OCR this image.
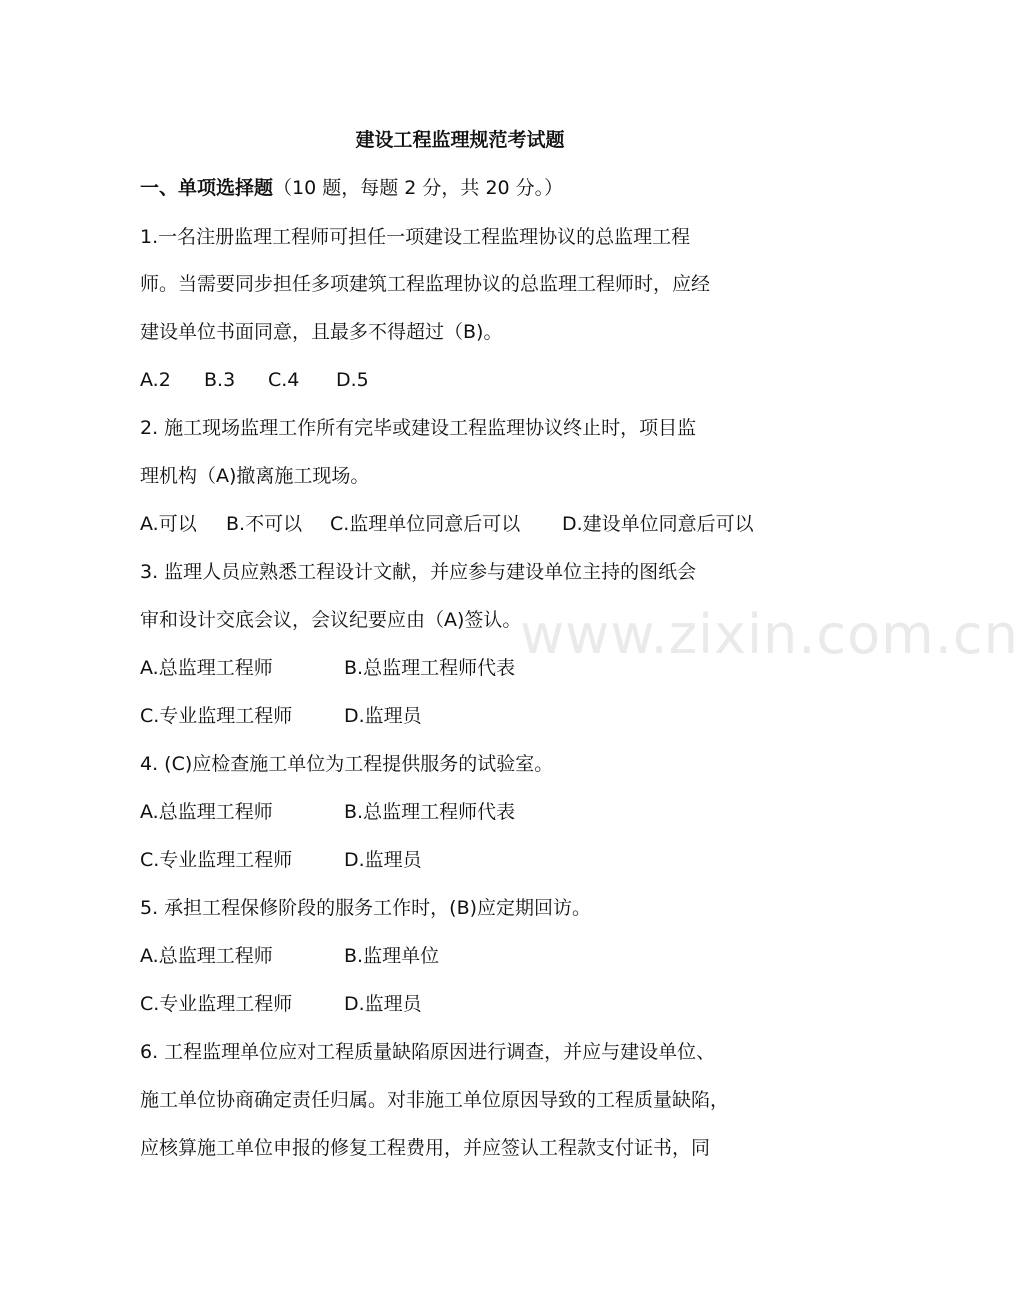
建设工程监理规范考试题
一、单项选择题（10 题，每题 2 分，共 20 分。）
1.一名注册监理工程师可担任一项建设工程监理协议的总监理工程
师。当需要同步担任多项建筑工程监理协议的总监理工程师时，应经
建设单位书面同意，且最多不得超过（B)。
A.2 B.3 C.4 D.5
2. 施工现场监理工作所有完毕或建设工程监理协议终止时，项目监
理机构（A)撤离施工现场。
A.可以 B.不可以 C.监理单位同意后可以 D.建设单位同意后可以
3. 监理人员应熟悉工程设计文献，并应参与建设单位主持的图纸会
审和设计交底会议，会议纪要应由（A)签认。
A.总监理工程师	B.总监理工程师代表
C.专业监理工程师	D.监理员
4. (C)应检查施工单位为工程提供服务的试验室。
A.总监理工程师	B.总监理工程师代表
C.专业监理工程师	D.监理员
5. 承担工程保修阶段的服务工作时，(B)应定期回访。
A.总监理工程师	B.监理单位
C.专业监理工程师	D.监理员
6. 工程监理单位应对工程质量缺陷原因进行调查，并应与建设单位、
施工单位协商确定责任归属。对非施工单位原因导致的工程质量缺陷，
应核算施工单位申报的修复工程费用，并应签认工程款支付证书，同
www.zixin.com.cn
